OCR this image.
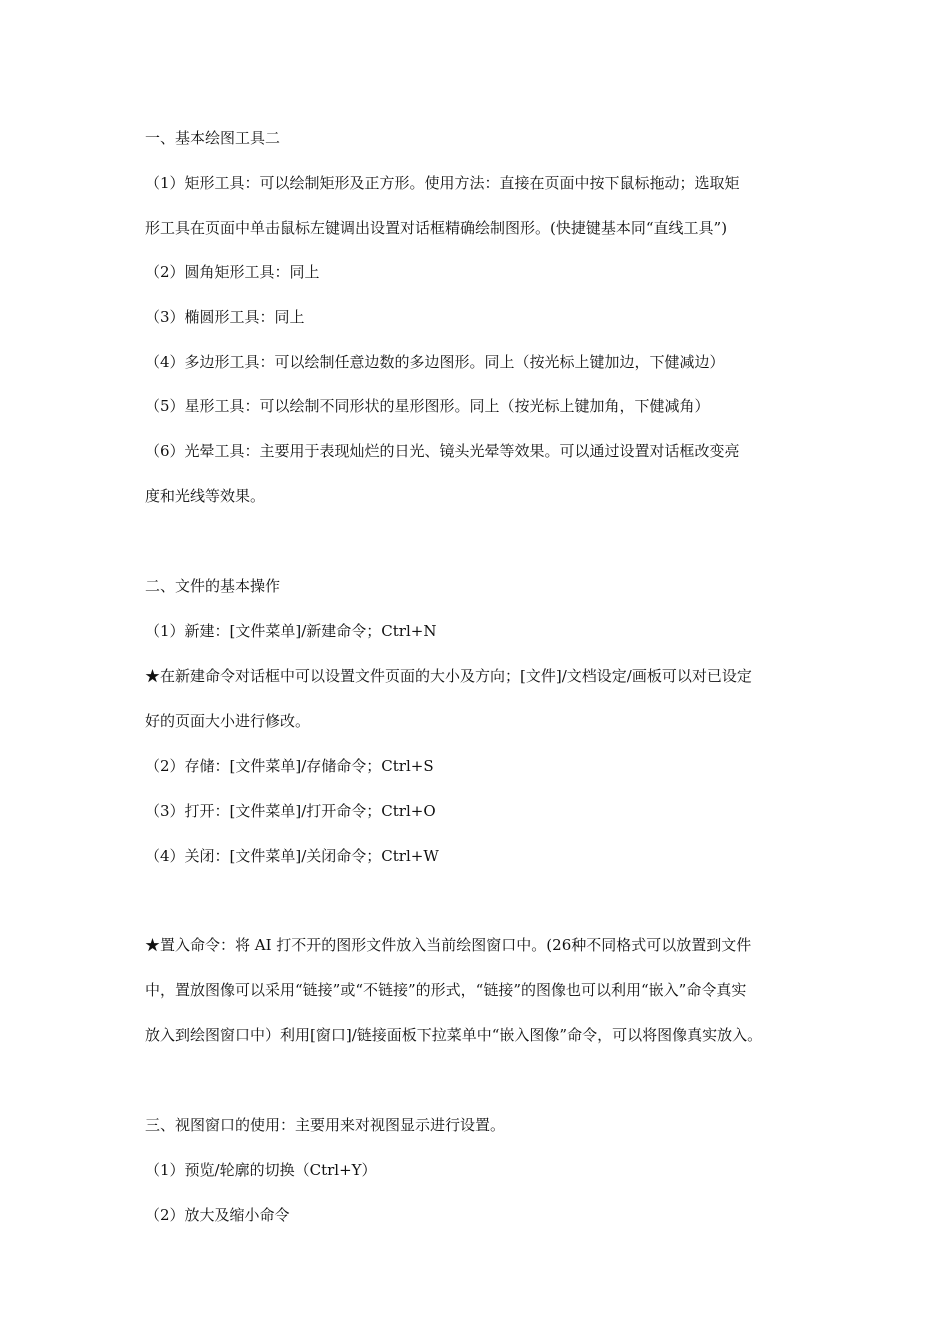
一、基本绘图工具二
（1）矩形工具：可以绘制矩形及正方形。使用方法：直接在页面中按下鼠标拖动；选取矩
形工具在页面中单击鼠标左键调出设置对话框精确绘制图形。(快捷键基本同“直线工具”)
（2）圆角矩形工具：同上
（3）椭圆形工具：同上
（4）多边形工具：可以绘制任意边数的多边图形。同上（按光标上键加边，下健减边）
（5）星形工具：可以绘制不同形状的星形图形。同上（按光标上键加角，下健减角）
（6）光晕工具：主要用于表现灿烂的日光、镜头光晕等效果。可以通过设置对话框改变亮
度和光线等效果。
二、文件的基本操作
（1）新建：[文件菜单]/新建命令；Ctrl+N
★在新建命令对话框中可以设置文件页面的大小及方向；[文件]/文档设定/画板可以对已设定
好的页面大小进行修改。
（2）存储：[文件菜单]/存储命令；Ctrl+S
（3）打开：[文件菜单]/打开命令；Ctrl+O
（4）关闭：[文件菜单]/关闭命令；Ctrl+W
★置入命令：将 AI 打不开的图形文件放入当前绘图窗口中。(26种不同格式可以放置到文件
中，置放图像可以采用“链接”或“不链接”的形式，“链接”的图像也可以利用“嵌入”命令真实
放入到绘图窗口中）利用[窗口]/链接面板下拉菜单中“嵌入图像”命令，可以将图像真实放入。
三、视图窗口的使用：主要用来对视图显示进行设置。
（1）预览/轮廓的切换（Ctrl+Y）
（2）放大及缩小命令
